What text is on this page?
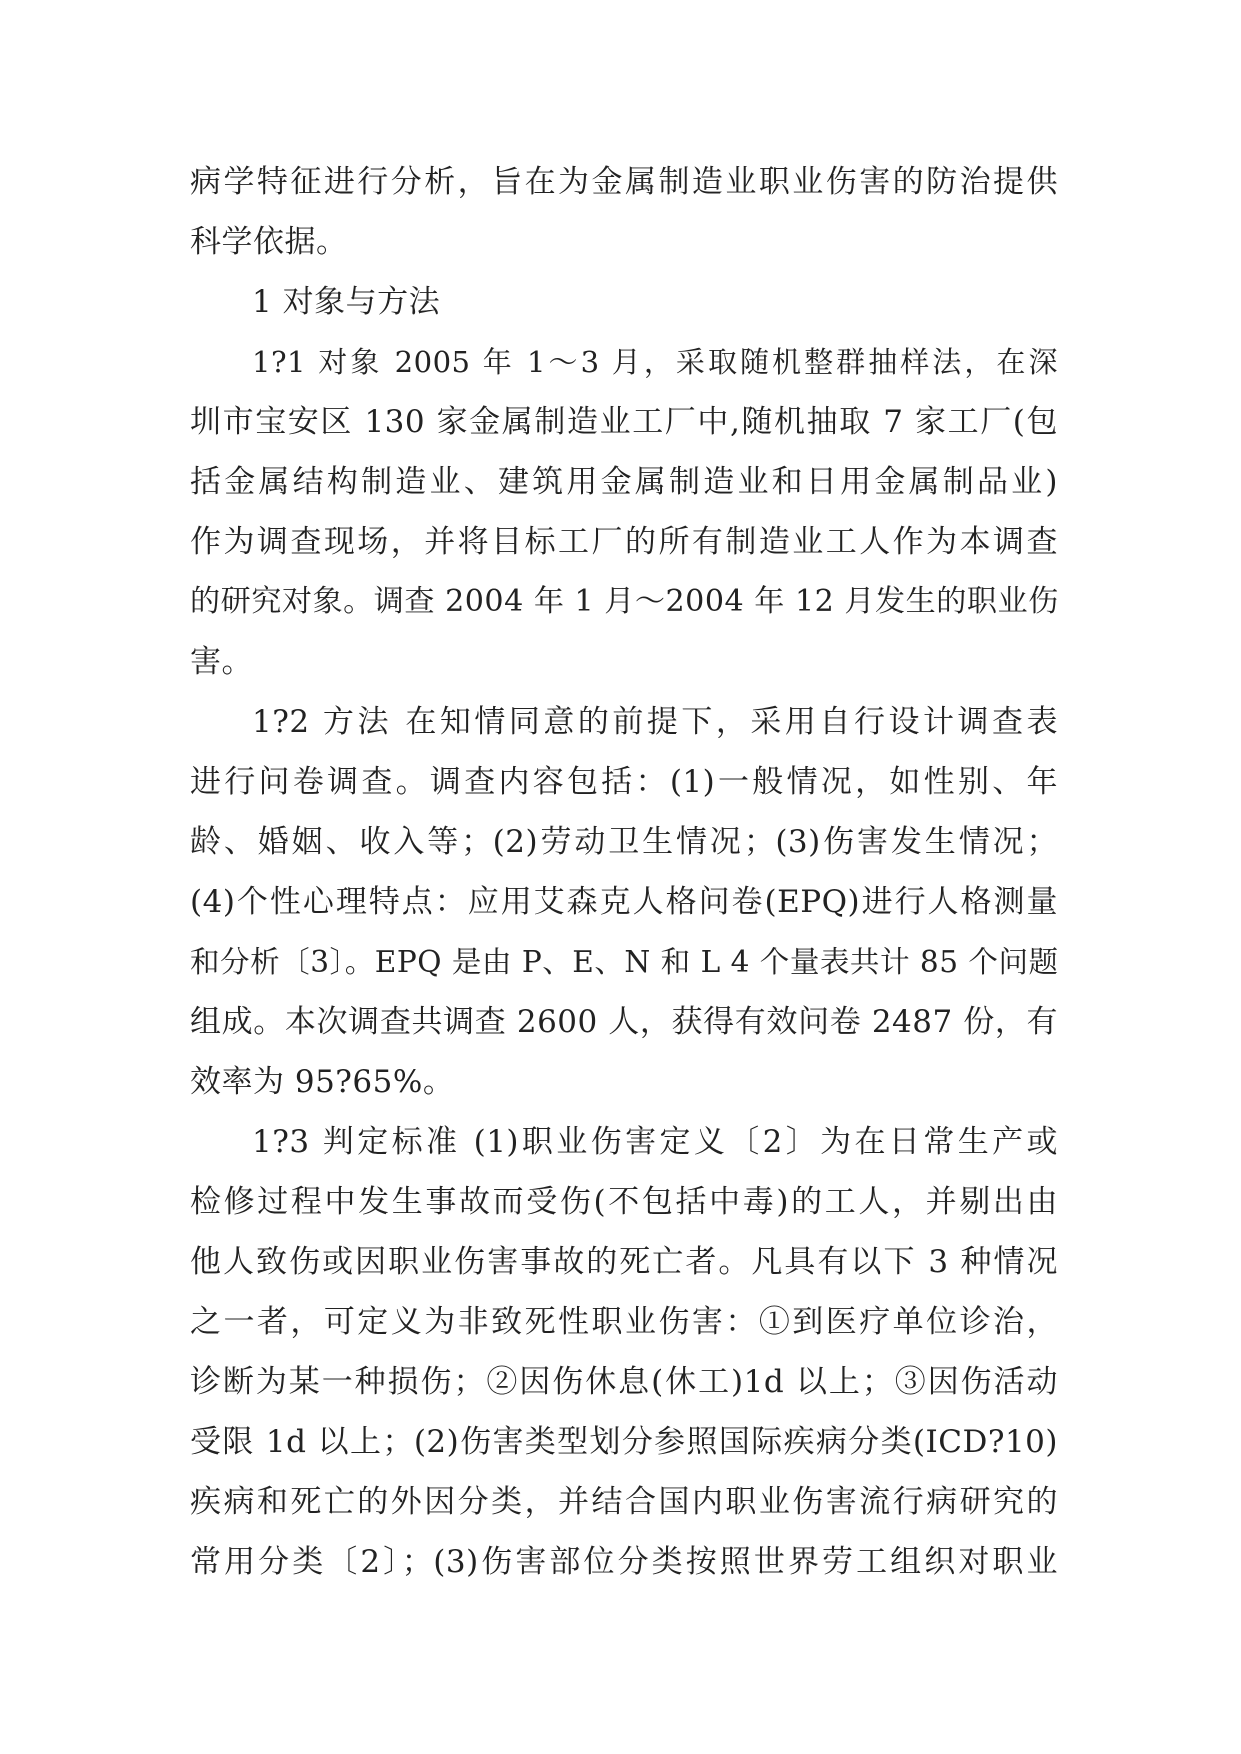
病学特征进行分析，旨在为金属制造业职业伤害的防治提供
科学依据。
1 对象与方法
1?1 对象 2005 年 1～3 月，采取随机整群抽样法，在深
圳市宝安区 130 家金属制造业工厂中,随机抽取 7 家工厂(包
括金属结构制造业、建筑用金属制造业和日用金属制品业)
作为调查现场，并将目标工厂的所有制造业工人作为本调查
的研究对象。调查 2004 年 1 月～2004 年 12 月发生的职业伤
害。
1?2 方法 在知情同意的前提下，采用自行设计调查表
进行问卷调查。调查内容包括：(1)一般情况，如性别、年
龄、婚姻、收入等；(2)劳动卫生情况；(3)伤害发生情况；
(4)个性心理特点：应用艾森克人格问卷(EPQ)进行人格测量
和分析〔3〕。EPQ 是由 P、E、N 和 L 4 个量表共计 85 个问题
组成。本次调查共调查 2600 人，获得有效问卷 2487 份，有
效率为 95?65%。
1?3 判定标准 (1)职业伤害定义〔2〕为在日常生产或
检修过程中发生事故而受伤(不包括中毒)的工人，并剔出由
他人致伤或因职业伤害事故的死亡者。凡具有以下 3 种情况
之一者，可定义为非致死性职业伤害：①到医疗单位诊治，
诊断为某一种损伤；②因伤休息(休工)1d 以上；③因伤活动
受限 1d 以上；(2)伤害类型划分参照国际疾病分类(ICD?10)
疾病和死亡的外因分类，并结合国内职业伤害流行病研究的
常用分类〔2〕；(3)伤害部位分类按照世界劳工组织对职业
